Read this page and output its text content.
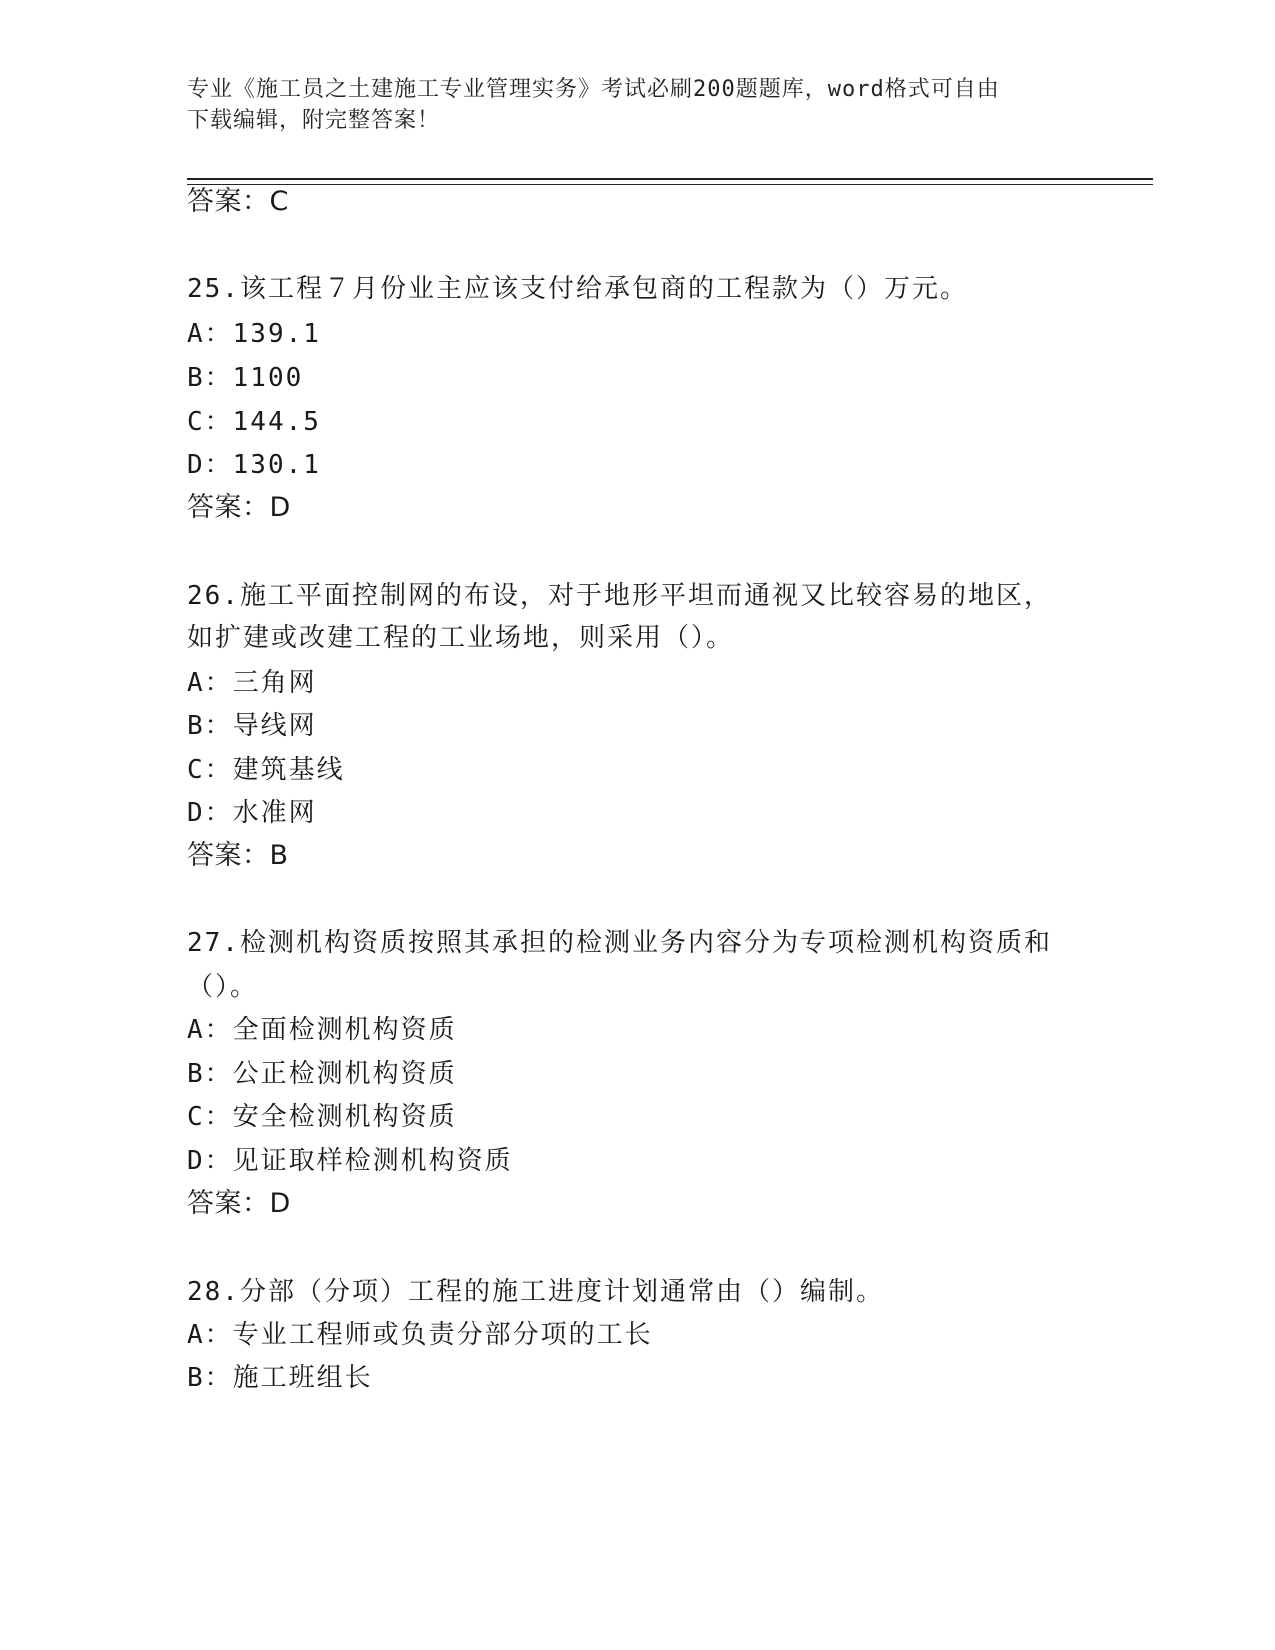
专业《施工员之土建施工专业管理实务》考试必刷200题题库，word格式可自由
下载编辑，附完整答案！
答案：C
25.该工程７月份业主应该支付给承包商的工程款为（）万元。
A：139.1
B：1100
C：144.5
D：130.1
答案：D
26.施工平面控制网的布设，对于地形平坦而通视又比较容易的地区，
如扩建或改建工程的工业场地，则采用（）。
A：三角网
B：导线网
C：建筑基线
D：水准网
答案：B
27.检测机构资质按照其承担的检测业务内容分为专项检测机构资质和
（）。
A：全面检测机构资质
B：公正检测机构资质
C：安全检测机构资质
D：见证取样检测机构资质
答案：D
28.分部（分项）工程的施工进度计划通常由（）编制。
A：专业工程师或负责分部分项的工长
B：施工班组长
